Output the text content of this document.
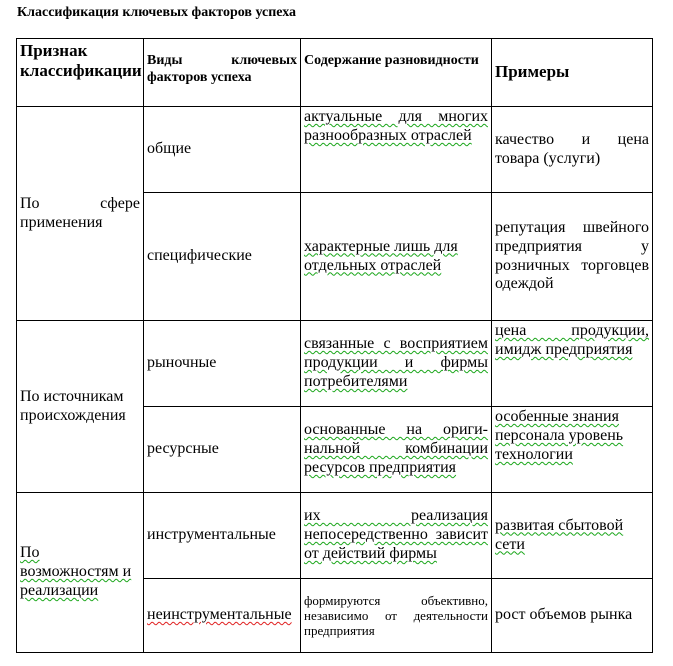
Классификация ключевых факторов успеха
Признак классификации	Виды ключевых факторов успеха	Содержание разновидности	Примеры
По сфере применения	общие	актуальные для многих разнообразных отраслей	качество и цена товара (услуги)
	специфические	характерные лишь для отдельных отраслей	репутация швейного предприятия у розничных торговцев одеждой
По источникам происхождения	рыночные	связанные с восприятием продукции и фирмы потребителями	цена продукции, имидж предприятия
	ресурсные	основанные на ориги-нальной комбинации ресурсов предприятия	особенные знания персонала уровень технологии
По возможностям и реализации	инструментальные	их реализация непосередственно зависит от действий фирмы	развитая сбытовой сети
	неинструментальные	формируются объективно, независимо от деятельности предприятия	рост объемов рынка
